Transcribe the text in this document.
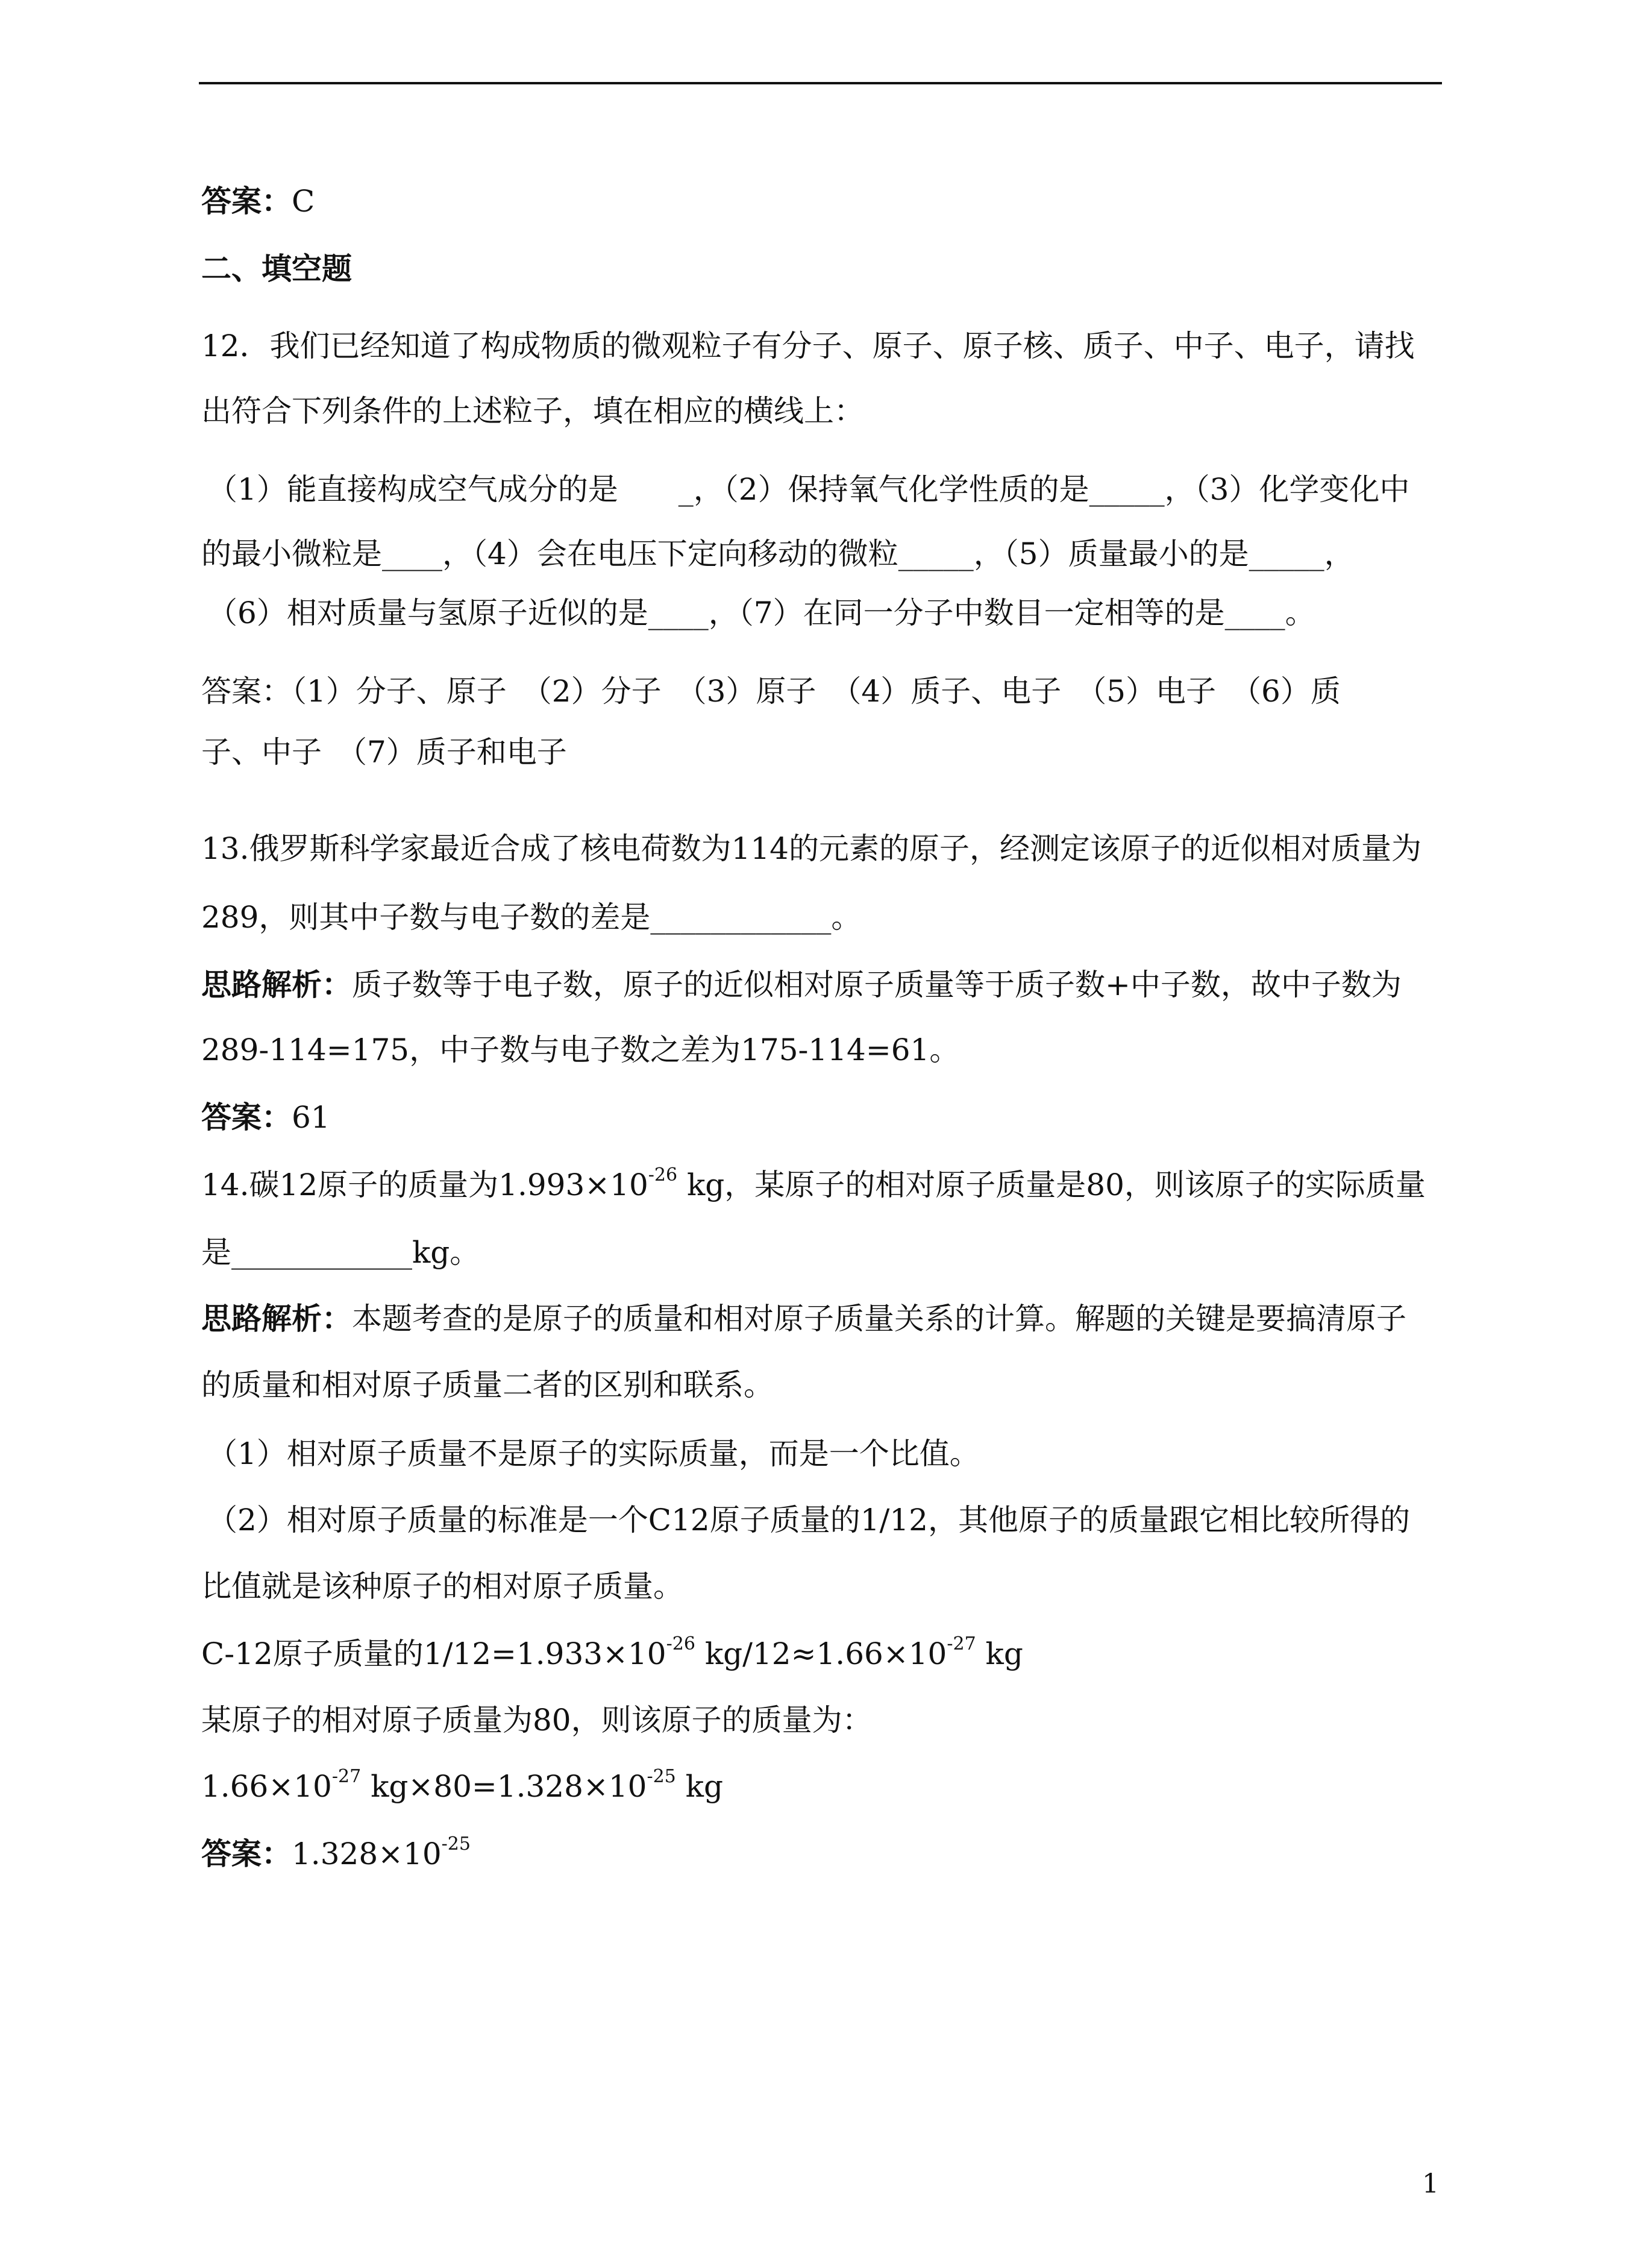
答案：C
二、填空题
12．我们已经知道了构成物质的微观粒子有分子、原子、原子核、质子、中子、电子，请找
出符合下列条件的上述粒子，填在相应的横线上：
（1）能直接构成空气成分的是　　_，（2）保持氧气化学性质的是_____，（3）化学变化中
的最小微粒是____，（4）会在电压下定向移动的微粒_____，（5）质量最小的是_____，
（6）相对质量与氢原子近似的是____，（7）在同一分子中数目一定相等的是____。
答案：（1）分子、原子　（2）分子　（3）原子　（4）质子、电子　（5）电子　（6）质
子、中子　（7）质子和电子
13.俄罗斯科学家最近合成了核电荷数为114的元素的原子，经测定该原子的近似相对质量为
289，则其中子数与电子数的差是____________。
思路解析：质子数等于电子数，原子的近似相对原子质量等于质子数+中子数，故中子数为
289-114=175，中子数与电子数之差为175-114=61。
答案：61
14.碳12原子的质量为$1.993\times 10^{-26}$ kg，某原子的相对原子质量是80，则该原子的实际质量
是____________kg。
思路解析：本题考查的是原子的质量和相对原子质量关系的计算。解题的关键是要搞清原子
的质量和相对原子质量二者的区别和联系。
（1）相对原子质量不是原子的实际质量，而是一个比值。
（2）相对原子质量的标准是一个C12原子质量的1/12，其他原子的质量跟它相比较所得的
比值就是该种原子的相对原子质量。
C-12原子质量的$1/12=1.933\times 10^{-26}$ $kg/12\approx 1.66\times 10^{-27}$ kg
某原子的相对原子质量为80，则该原子的质量为：
$1.66\times 10^{-27}$ $kg\times 80=1.328\times 10^{-25}$ kg
答案：$1.328\times 10^{-25}$
1
